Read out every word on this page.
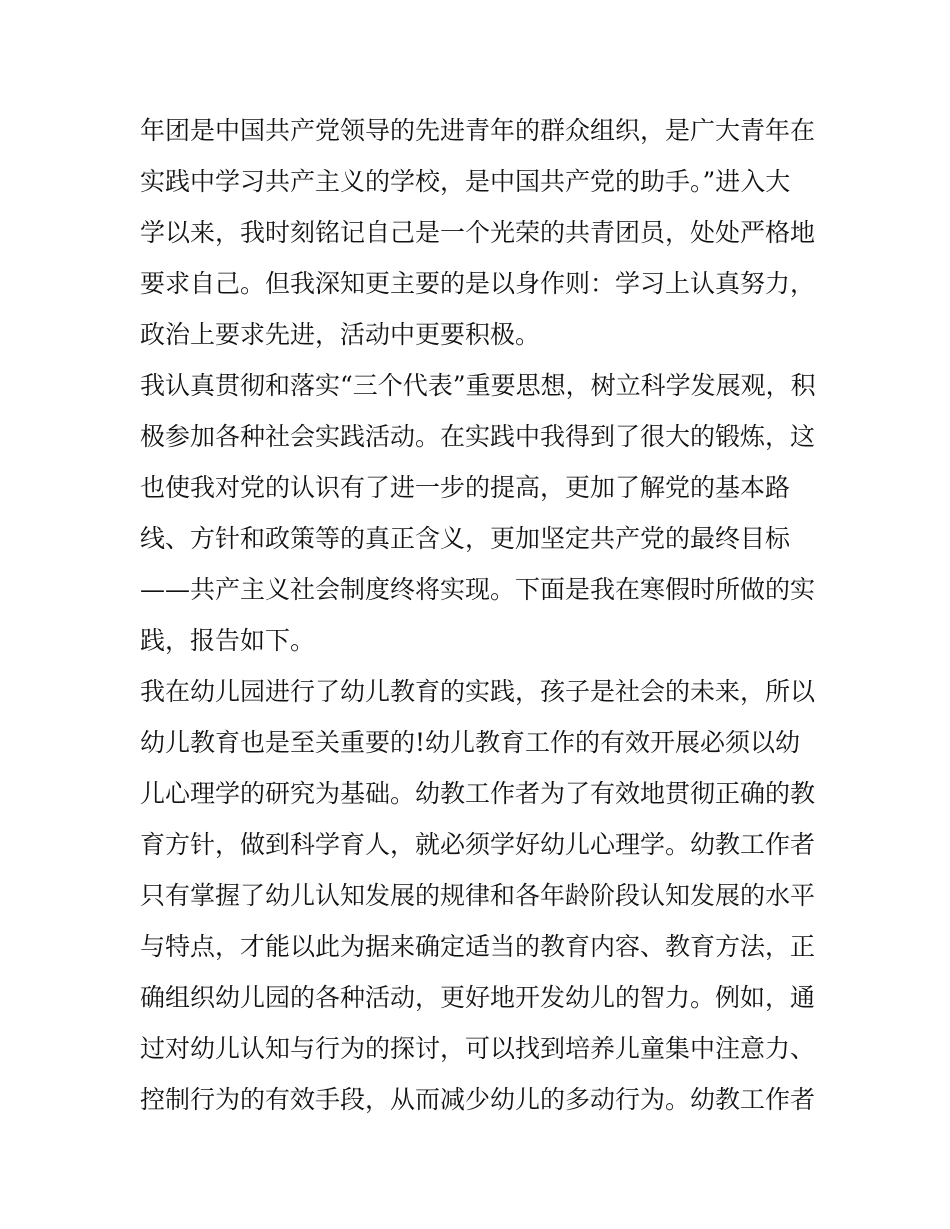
年团是中国共产党领导的先进青年的群众组织，是广大青年在
实践中学习共产主义的学校，是中国共产党的助手。”进入大
学以来，我时刻铭记自己是一个光荣的共青团员，处处严格地
要求自己。但我深知更主要的是以身作则：学习上认真努力，
政治上要求先进，活动中更要积极。
我认真贯彻和落实“三个代表”重要思想，树立科学发展观，积
极参加各种社会实践活动。在实践中我得到了很大的锻炼，这
也使我对党的认识有了进一步的提高，更加了解党的基本路
线、方针和政策等的真正含义，更加坚定共产党的最终目标
——共产主义社会制度终将实现。下面是我在寒假时所做的实
践，报告如下。
我在幼儿园进行了幼儿教育的实践，孩子是社会的未来，所以
幼儿教育也是至关重要的!幼儿教育工作的有效开展必须以幼
儿心理学的研究为基础。幼教工作者为了有效地贯彻正确的教
育方针，做到科学育人，就必须学好幼儿心理学。幼教工作者
只有掌握了幼儿认知发展的规律和各年龄阶段认知发展的水平
与特点，才能以此为据来确定适当的教育内容、教育方法，正
确组织幼儿园的各种活动，更好地开发幼儿的智力。例如，通
过对幼儿认知与行为的探讨，可以找到培养儿童集中注意力、
控制行为的有效手段，从而减少幼儿的多动行为。幼教工作者
